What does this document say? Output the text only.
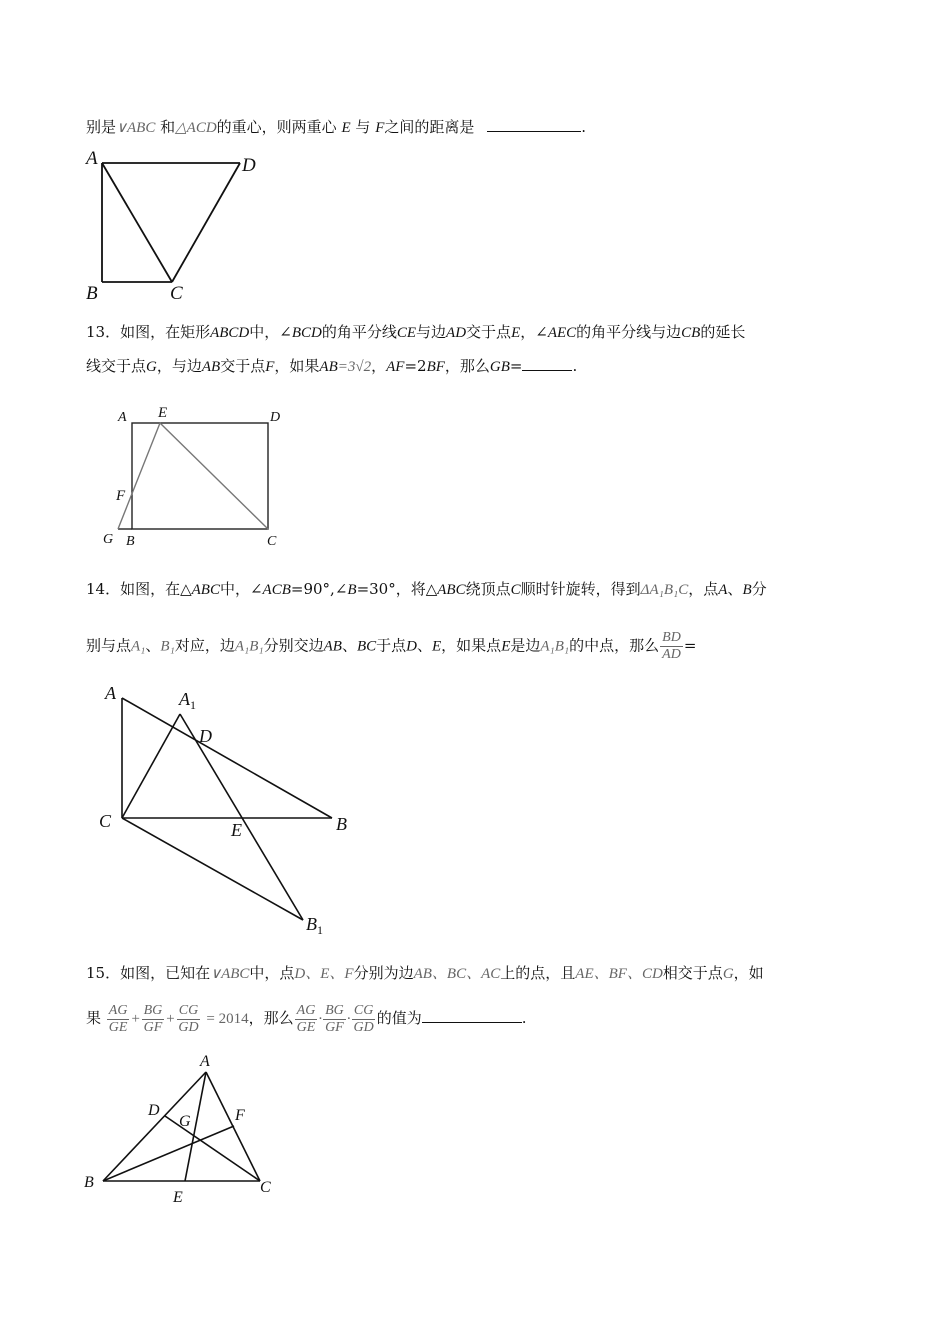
别是∨ABC 和△ACD的重心，则两重心 E 与 F之间的距离是	.
A	D
B	C
13．如图，在矩形ABCD中，∠BCD的角平分线CE与边AD交于点E，∠AEC的角平分线与边CB的延长
线交于点G，与边AB交于点F，如果AB=3√2，AF=2BF，那么GB=	.
A E	D
F
G B	C
14．如图，在△ABC中，∠ACB=90°,∠B=30°，将△ABC绕顶点C顺时针旋转，得到ΔA₁B₁C，点A、B分
别与点A₁、B₁对应，边A₁B₁分别交边AB、BC于点D、E，如果点E是边A₁B₁的中点，那么 $\frac{BD}{AD}$ =
A	$A_1$
D
C	E	B
$B_1$
15．如图，已知在∨ABC中，点D、E、F分别为边AB、BC、AC上的点，且AE、BF、CD相交于点G，如
果 $\frac{AG}{GE} + \frac{BG}{GF} + \frac{CG}{GD} = 2014$，那么 $\frac{AG}{GE} \cdot \frac{BG}{GF} \cdot \frac{CG}{GD}$ 的值为	.
A
D	F
G
B
E
C
